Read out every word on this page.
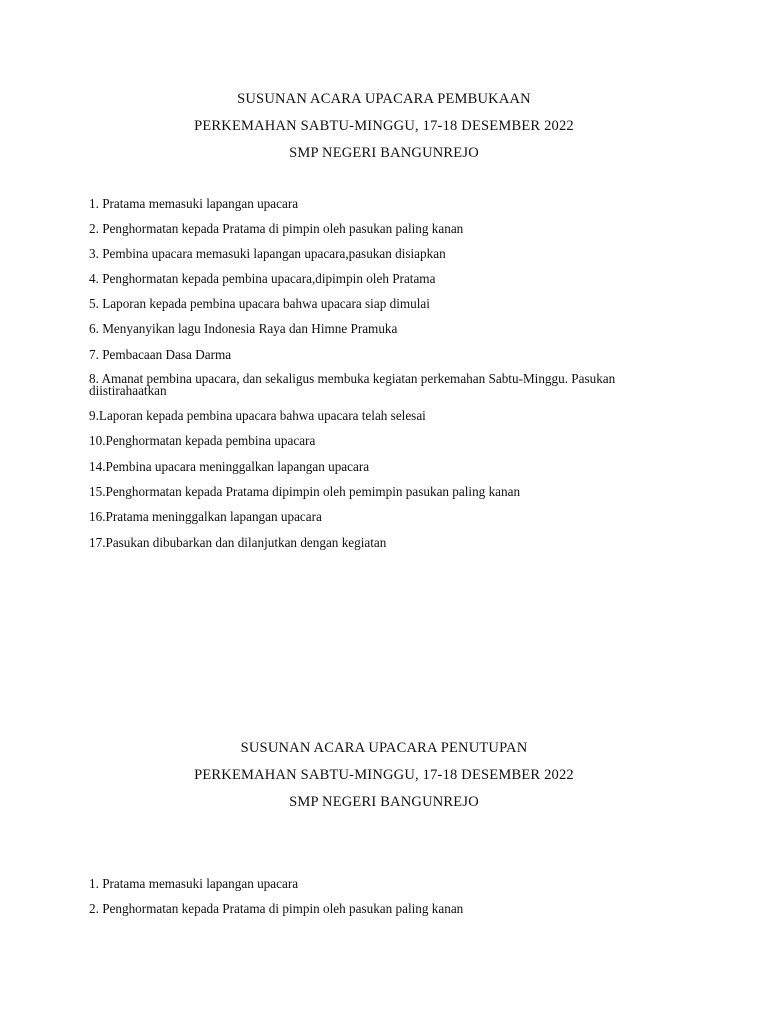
SUSUNAN ACARA UPACARA PEMBUKAAN
PERKEMAHAN SABTU-MINGGU, 17-18 DESEMBER 2022
SMP NEGERI BANGUNREJO
1. Pratama memasuki lapangan upacara
2. Penghormatan kepada Pratama di pimpin oleh pasukan paling kanan
3. Pembina upacara memasuki lapangan upacara,pasukan disiapkan
4. Penghormatan kepada pembina upacara,dipimpin oleh Pratama
5. Laporan kepada pembina upacara bahwa upacara siap dimulai
6. Menyanyikan lagu Indonesia Raya dan Himne Pramuka
7. Pembacaan Dasa Darma
8. Amanat pembina upacara, dan sekaligus membuka kegiatan perkemahan Sabtu-Minggu. Pasukan diistirahaatkan
9.Laporan kepada pembina upacara bahwa upacara telah selesai
10.Penghormatan kepada pembina upacara
14.Pembina upacara meninggalkan lapangan upacara
15.Penghormatan kepada Pratama dipimpin oleh pemimpin pasukan paling kanan
16.Pratama meninggalkan lapangan upacara
17.Pasukan dibubarkan dan dilanjutkan dengan kegiatan
SUSUNAN ACARA UPACARA PENUTUPAN
PERKEMAHAN SABTU-MINGGU, 17-18 DESEMBER 2022
SMP NEGERI BANGUNREJO
1. Pratama memasuki lapangan upacara
2. Penghormatan kepada Pratama di pimpin oleh pasukan paling kanan
